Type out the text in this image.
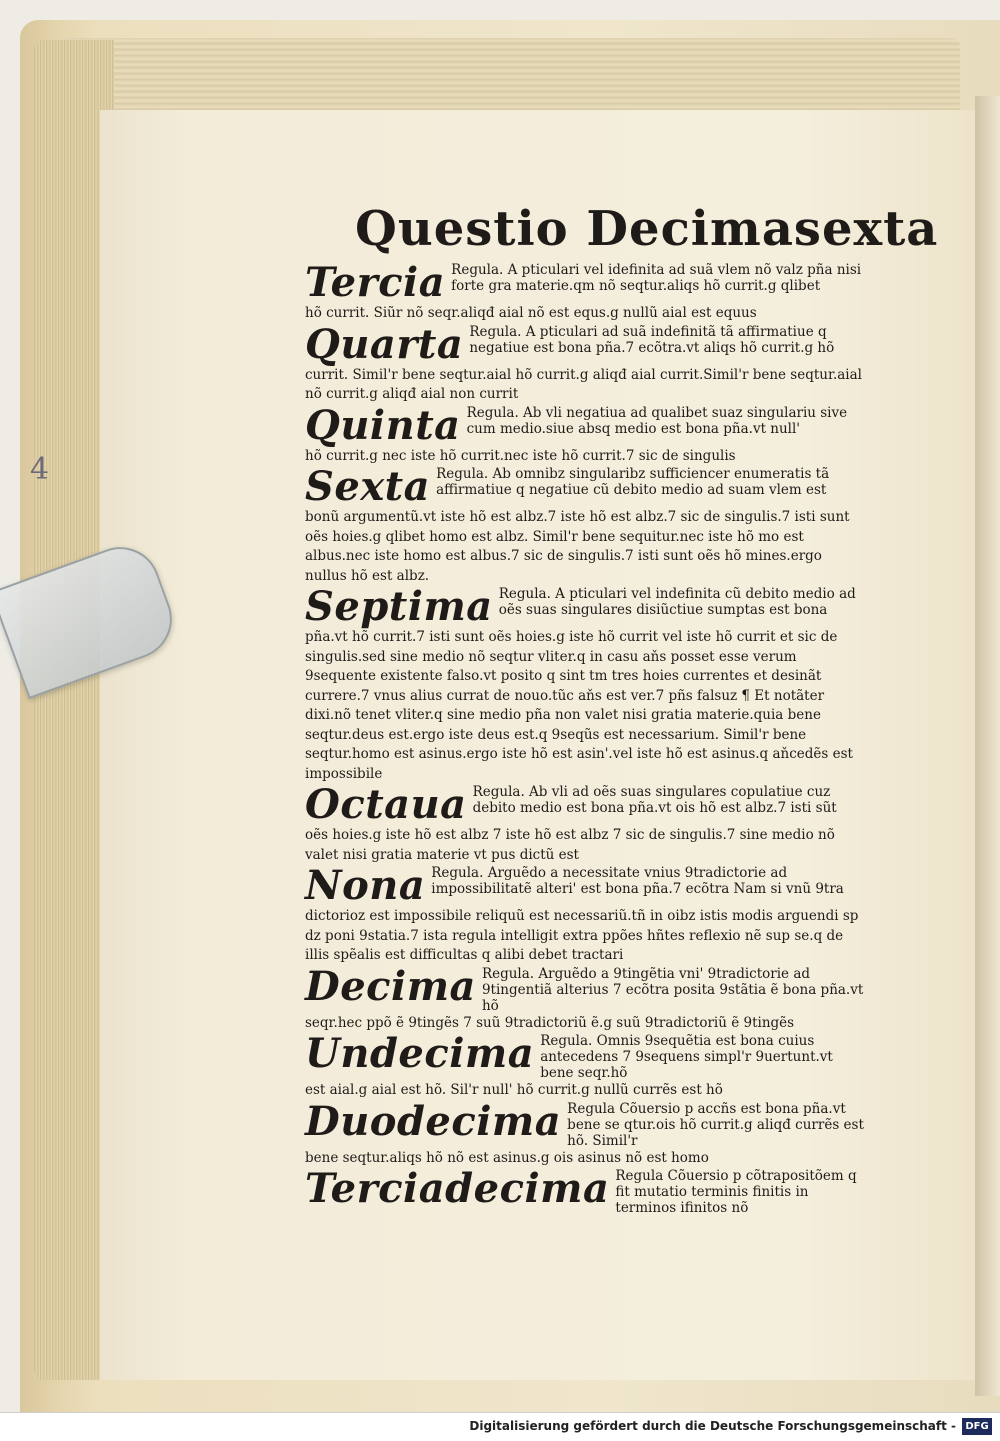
4
Questio Decimasexta
Tercia Regula. A pticulari vel idefinita ad suã vlem nõ valz pña nisi forte gra materie.qm nõ seqtur.aliqs hõ currit.g qlibet
hõ currit. Siũr nõ seqr.aliqđ aial nõ est equs.g nullũ aial est equus
Quarta Regula. A pticulari ad suã indefinitã tã affirmatiue q negatiue est bona pña.7 ecõtra.vt aliqs hõ currit.g hõ
currit. Simil'r bene seqtur.aial hõ currit.g aliqđ aial currit.Simil'r bene seqtur.aial nõ currit.g aliqđ aial non currit
Quinta Regula. Ab vli negatiua ad qualibet suaz singulariu sive cum medio.siue absq medio est bona pña.vt null'
hõ currit.g nec iste hõ currit.nec iste hõ currit.7 sic de singulis
Sexta Regula. Ab omnibz singularibz sufficiencer enumeratis tã affirmatiue q negatiue cũ debito medio ad suam vlem est
bonũ argumentũ.vt iste hõ est albz.7 iste hõ est albz.7 sic de singulis.7 isti sunt oẽs hoies.g qlibet homo est albz. Simil'r bene sequitur.nec iste hõ mo est albus.nec iste homo est albus.7 sic de singulis.7 isti sunt oẽs hõ mines.ergo nullus hõ est albz.
Septima Regula. A pticulari vel indefinita cũ debito medio ad oẽs suas singulares disiũctiue sumptas est bona
pña.vt hõ currit.7 isti sunt oẽs hoies.g iste hõ currit vel iste hõ currit et sic de singulis.sed sine medio nõ seqtur vliter.q in casu aňs posset esse verum 9sequente existente falso.vt posito q sint tm tres hoies currentes et desinãt currere.7 vnus alius currat de nouo.tũc aňs est ver.7 pñs falsuz ¶ Et notãter dixi.nõ tenet vliter.q sine medio pña non valet nisi gratia materie.quia bene seqtur.deus est.ergo iste deus est.q 9seqũs est necessarium. Simil'r bene seqtur.homo est asinus.ergo iste hõ est asin'.vel iste hõ est asinus.q aňcedẽs est impossibile
Octaua Regula. Ab vli ad oẽs suas singulares copulatiue cuz debito medio est bona pña.vt ois hõ est albz.7 isti sũt
oẽs hoies.g iste hõ est albz 7 iste hõ est albz 7 sic de singulis.7 sine medio nõ valet nisi gratia materie vt pus dictũ est
Nona Regula. Arguẽdo a necessitate vnius 9tradictorie ad impossibilitatẽ alteri' est bona pña.7 ecõtra Nam si vnũ 9tra
dictorioz est impossibile reliquũ est necessariũ.tñ in oibz istis modis arguendi sp dz poni 9statia.7 ista regula intelligit extra ppões hñtes reflexio nẽ sup se.q de illis spẽalis est difficultas q alibi debet tractari
Decima Regula. Arguẽdo a 9tingẽtia vni' 9tradictorie ad 9tingentiã alterius 7 ecõtra posita 9stãtia ẽ bona pña.vt hõ
seqr.hec ppõ ẽ 9tingẽs 7 suũ 9tradictoriũ ẽ.g suũ 9tradictoriũ ẽ 9tingẽs
Undecima Regula. Omnis 9sequẽtia est bona cuius antecedens 7 9sequens simpl'r 9uertunt.vt bene seqr.hõ
est aial.g aial est hõ. Sil'r null' hõ currit.g nullũ currẽs est hõ
Duodecima Regula Cõuersio p accñs est bona pña.vt bene se qtur.ois hõ currit.g aliqđ currẽs est hõ. Simil'r
bene seqtur.aliqs hõ nõ est asinus.g ois asinus nõ est homo
Terciadecima Regula Cõuersio p cõtrapositõem q fit mutatio terminis finitis in terminos ifinitos nõ
Digitalisierung gefördert durch die Deutsche Forschungsgemeinschaft - DFG
